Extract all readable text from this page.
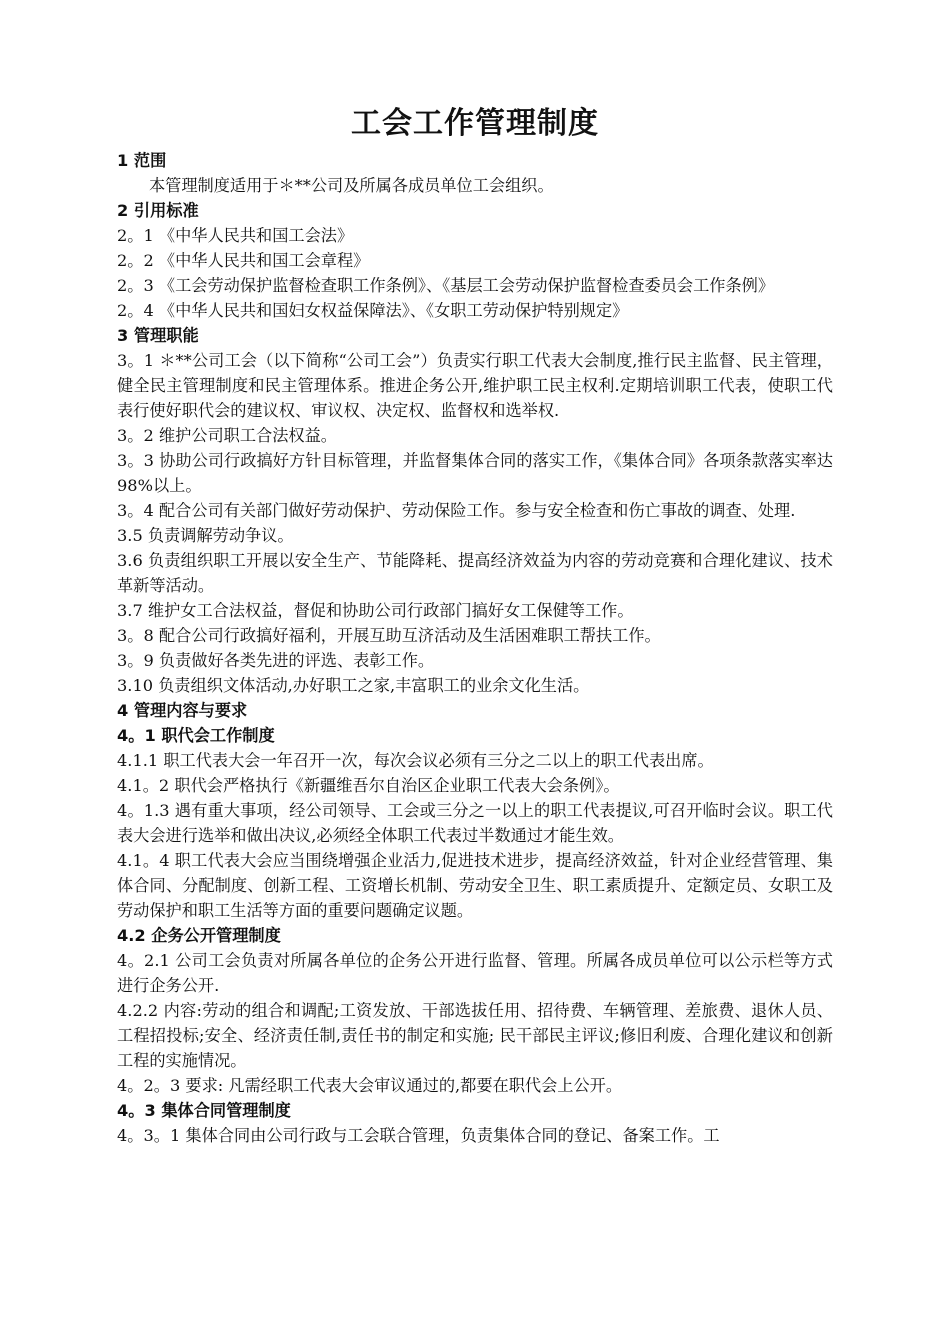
工会工作管理制度
1 范围
本管理制度适用于＊**公司及所属各成员单位工会组织。
2 引用标准
2。1 《中华人民共和国工会法》
2。2 《中华人民共和国工会章程》
2。3 《工会劳动保护监督检查职工作条例》、《基层工会劳动保护监督检查委员会工作条例》
2。4 《中华人民共和国妇女权益保障法》、《女职工劳动保护特别规定》
3 管理职能
3。1 ＊**公司工会（以下简称“公司工会”）负责实行职工代表大会制度,推行民主监督、民主管理，健全民主管理制度和民主管理体系。推进企务公开,维护职工民主权利.定期培训职工代表，使职工代表行使好职代会的建议权、审议权、决定权、监督权和选举权.
3。2 维护公司职工合法权益。
3。3 协助公司行政搞好方针目标管理，并监督集体合同的落实工作，《集体合同》各项条款落实率达98%以上。
3。4 配合公司有关部门做好劳动保护、劳动保险工作。参与安全检查和伤亡事故的调查、处理.
3.5 负责调解劳动争议。
3.6 负责组织职工开展以安全生产、节能降耗、提高经济效益为内容的劳动竞赛和合理化建议、技术革新等活动。
3.7 维护女工合法权益，督促和协助公司行政部门搞好女工保健等工作。
3。8 配合公司行政搞好福利，开展互助互济活动及生活困难职工帮扶工作。
3。9 负责做好各类先进的评选、表彰工作。
3.10 负责组织文体活动,办好职工之家,丰富职工的业余文化生活。
4 管理内容与要求
4。1 职代会工作制度
4.1.1 职工代表大会一年召开一次，每次会议必须有三分之二以上的职工代表出席。
4.1。2 职代会严格执行《新疆维吾尔自治区企业职工代表大会条例》。
4。1.3 遇有重大事项，经公司领导、工会或三分之一以上的职工代表提议,可召开临时会议。职工代表大会进行选举和做出决议,必须经全体职工代表过半数通过才能生效。
4.1。4 职工代表大会应当围绕增强企业活力,促进技术进步，提高经济效益，针对企业经营管理、集体合同、分配制度、创新工程、工资增长机制、劳动安全卫生、职工素质提升、定额定员、女职工及劳动保护和职工生活等方面的重要问题确定议题。
4.2 企务公开管理制度
4。2.1 公司工会负责对所属各单位的企务公开进行监督、管理。所属各成员单位可以公示栏等方式进行企务公开.
4.2.2 内容:劳动的组合和调配;工资发放、干部选拔任用、招待费、车辆管理、差旅费、退休人员、工程招投标;安全、经济责任制,责任书的制定和实施; 民干部民主评议;修旧利废、合理化建议和创新工程的实施情况。
4。2。3 要求: 凡需经职工代表大会审议通过的,都要在职代会上公开。
4。3 集体合同管理制度
4。3。1 集体合同由公司行政与工会联合管理，负责集体合同的登记、备案工作。工
